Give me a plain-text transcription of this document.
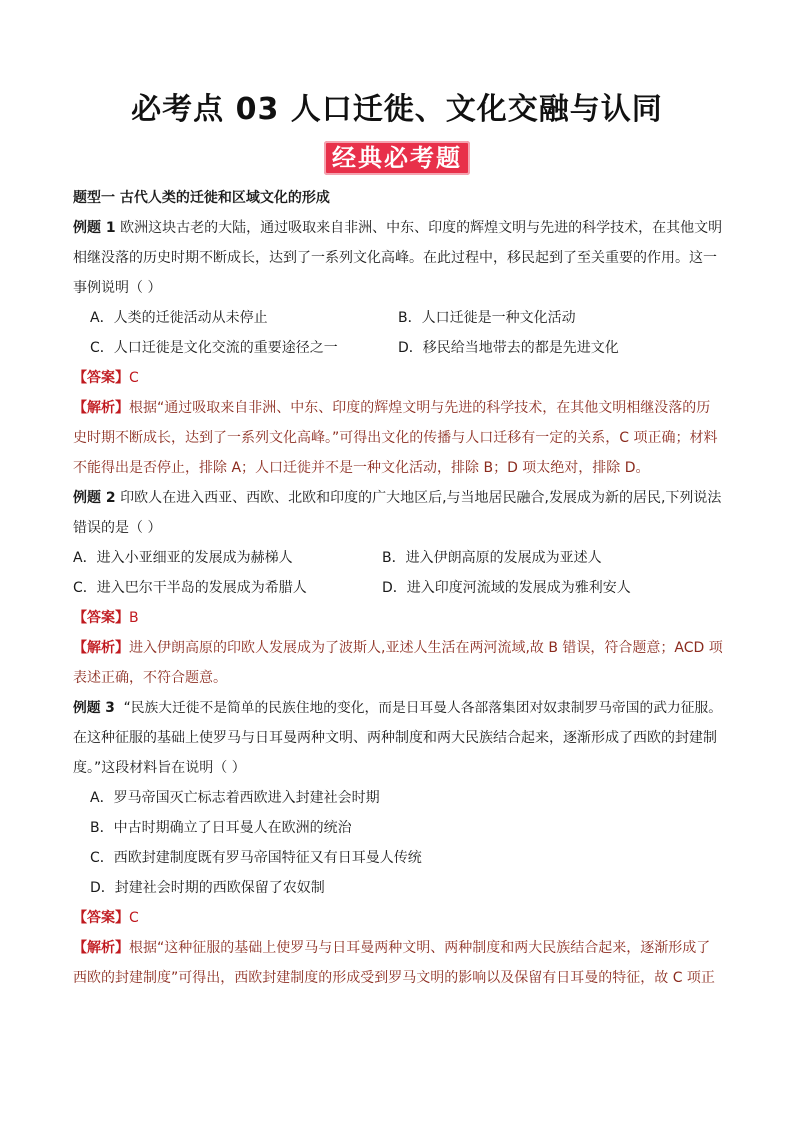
必考点 03 人口迁徙、文化交融与认同
经典必考题
题型一 古代人类的迁徙和区域文化的形成
例题 1 欧洲这块古老的大陆，通过吸取来自非洲、中东、印度的辉煌文明与先进的科学技术，在其他文明
相继没落的历史时期不断成长，达到了一系列文化高峰。在此过程中，移民起到了至关重要的作用。这一
事例说明（ ）
A．人类的迁徙活动从未停止	B．人口迁徙是一种文化活动
C．人口迁徙是文化交流的重要途径之一	D．移民给当地带去的都是先进文化
【答案】C
【解析】根据“通过吸取来自非洲、中东、印度的辉煌文明与先进的科学技术，在其他文明相继没落的历
史时期不断成长，达到了一系列文化高峰。”可得出文化的传播与人口迁移有一定的关系，C 项正确；材料
不能得出是否停止，排除 A；人口迁徙并不是一种文化活动，排除 B；D 项太绝对，排除 D。
例题 2 印欧人在进入西亚、西欧、北欧和印度的广大地区后,与当地居民融合,发展成为新的居民,下列说法
错误的是（ ）
A．进入小亚细亚的发展成为赫梯人	B．进入伊朗高原的发展成为亚述人
C．进入巴尔干半岛的发展成为希腊人	D．进入印度河流域的发展成为雅利安人
【答案】B
【解析】进入伊朗高原的印欧人发展成为了波斯人,亚述人生活在两河流域,故 B 错误，符合题意；ACD 项
表述正确，不符合题意。
例题 3 “民族大迁徙不是简单的民族住地的变化，而是日耳曼人各部落集团对奴隶制罗马帝国的武力征服。
在这种征服的基础上使罗马与日耳曼两种文明、两种制度和两大民族结合起来，逐渐形成了西欧的封建制
度。”这段材料旨在说明（ ）
A．罗马帝国灭亡标志着西欧进入封建社会时期
B．中古时期确立了日耳曼人在欧洲的统治
C．西欧封建制度既有罗马帝国特征又有日耳曼人传统
D．封建社会时期的西欧保留了农奴制
【答案】C
【解析】根据“这种征服的基础上使罗马与日耳曼两种文明、两种制度和两大民族结合起来，逐渐形成了
西欧的封建制度”可得出，西欧封建制度的形成受到罗马文明的影响以及保留有日耳曼的特征，故 C 项正
